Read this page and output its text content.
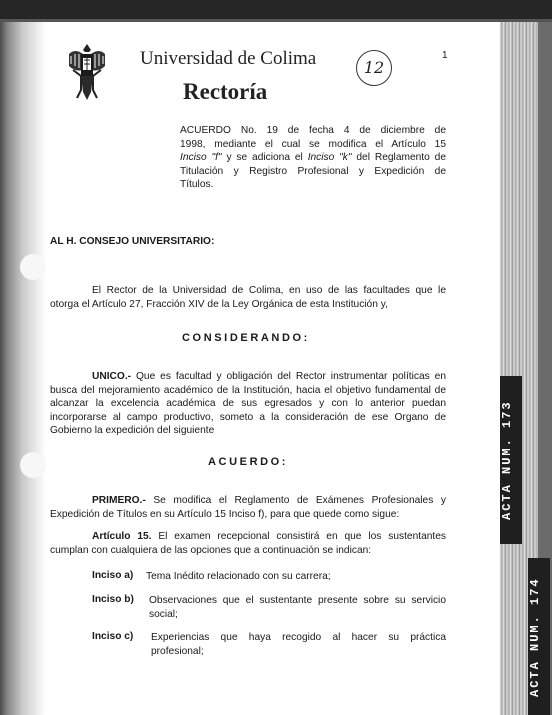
ACTA NUM. 173
ACTA NUM. 174
Universidad de Colima
Rectoría
12
1
ACUERDO No. 19 de fecha 4 de diciembre de
1998, mediante el cual se modifica el Artículo 15
Inciso "f" y se adiciona el Inciso "k" del Reglamento de
Titulación y Registro Profesional y Expedición de
Títulos.
AL H. CONSEJO UNIVERSITARIO:
El Rector de la Universidad de Colima, en uso de las facultades que le
otorga el Artículo 27, Fracción XIV de la Ley Orgánica de esta Institución y,
CONSIDERANDO:
UNICO.- Que es facultad y obligación del Rector instrumentar políticas en
busca del mejoramiento académico de la Institución, hacia el objetivo fundamental de
alcanzar la excelencia académica de sus egresados y con lo anterior puedan
incorporarse al campo productivo, someto a la consideración de ese Organo de
Gobierno la expedición del siguiente
ACUERDO:
PRIMERO.- Se modifica el Reglamento de Exámenes Profesionales y
Expedición de Títulos en su Artículo 15 Inciso f), para que quede como sigue:
Artículo 15. El examen recepcional consistirá en que los sustentantes
cumplan con cualquiera de las opciones que a continuación se indican:
Inciso a) Tema Inédito relacionado con su carrera;
Inciso b) Observaciones que el sustentante presente sobre su servicio
social;
Inciso c) Experiencias que haya recogido al hacer su práctica
profesional;
